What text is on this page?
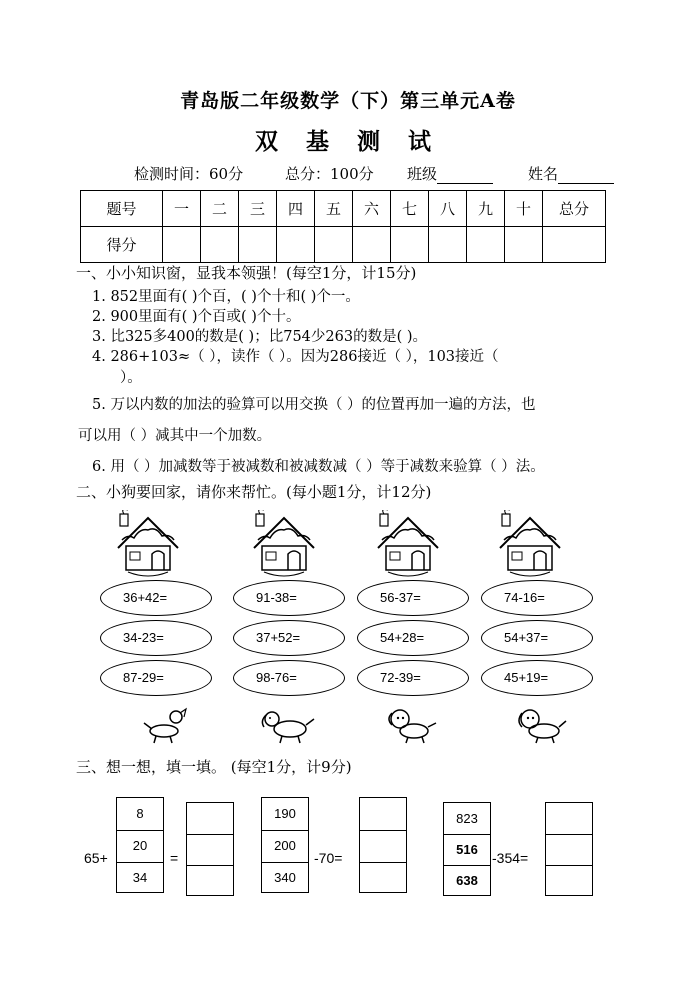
青岛版二年级数学（下）第三单元A卷
双 基 测 试
检测时间：60分	总分：100分 班级	姓名
题号	一	二	三	四	五	六	七	八	九	十	总分
得分											
一、小小知识窗，显我本领强！(每空1分，计15分)
1. 852里面有( )个百，( )个十和( )个一。
2. 900里面有( )个百或( )个十。
3. 比325多400的数是( )；比754少263的数是( )。
4. 286+103≈（ ），读作（ ）。因为286接近（ ），103接近（
）。
5. 万以内数的加法的验算可以用交换（ ）的位置再加一遍的方法，也
可以用（ ）减其中一个加数。
6. 用（ ）加减数等于被减数和被减数减（ ）等于减数来验算（ ）法。
二、小狗要回家，请你来帮忙。(每小题1分，计12分)
36+42=
34-23=
87-29=
91-38=
37+52=
98-76=
56-37=
54+28=
72-39=
74-16=
54+37=
45+19=
三、想一想，填一填。 (每空1分，计9分)
65+
8
20
34
=
190
200
340
-70=
823
516
638
-354=
